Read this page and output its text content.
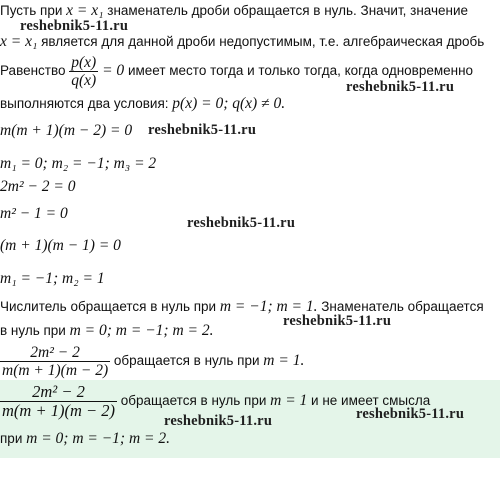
Пусть при x = x₁ знаменатель дроби обращается в нуль. Значит, значение
x = x₁ является для данной дроби недопустимым, т.е. алгебраическая дробь
Равенство $\frac{p(x)}{q(x)} = 0$ имеет место тогда и только тогда, когда одновременно
выполняются два условия: p(x) = 0; q(x) ≠ 0.
m(m + 1)(m − 2) = 0
m₁ = 0; m₂ = −1; m₃ = 2
2m² − 2 = 0
m² − 1 = 0
(m + 1)(m − 1) = 0
m₁ = −1; m₂ = 1
Числитель обращается в нуль при m = −1; m = 1. Знаменатель обращается
в нуль при m = 0; m = −1; m = 2.
$\frac{\text{2m² − 2}}{m(m + 1)(m - 2)}$ обращается в нуль при m = 1.
$\frac{\text{2m² − 2}}{m(m + 1)(m - 2)}$ обращается в нуль при m = 1 и не имеет смысла
при m = 0; m = −1; m = 2.
reshebnik5-11.ru
reshebnik5-11.ru
reshebnik5-11.ru
reshebnik5-11.ru
reshebnik5-11.ru
reshebnik5-11.ru	reshebnik5-11.ru
